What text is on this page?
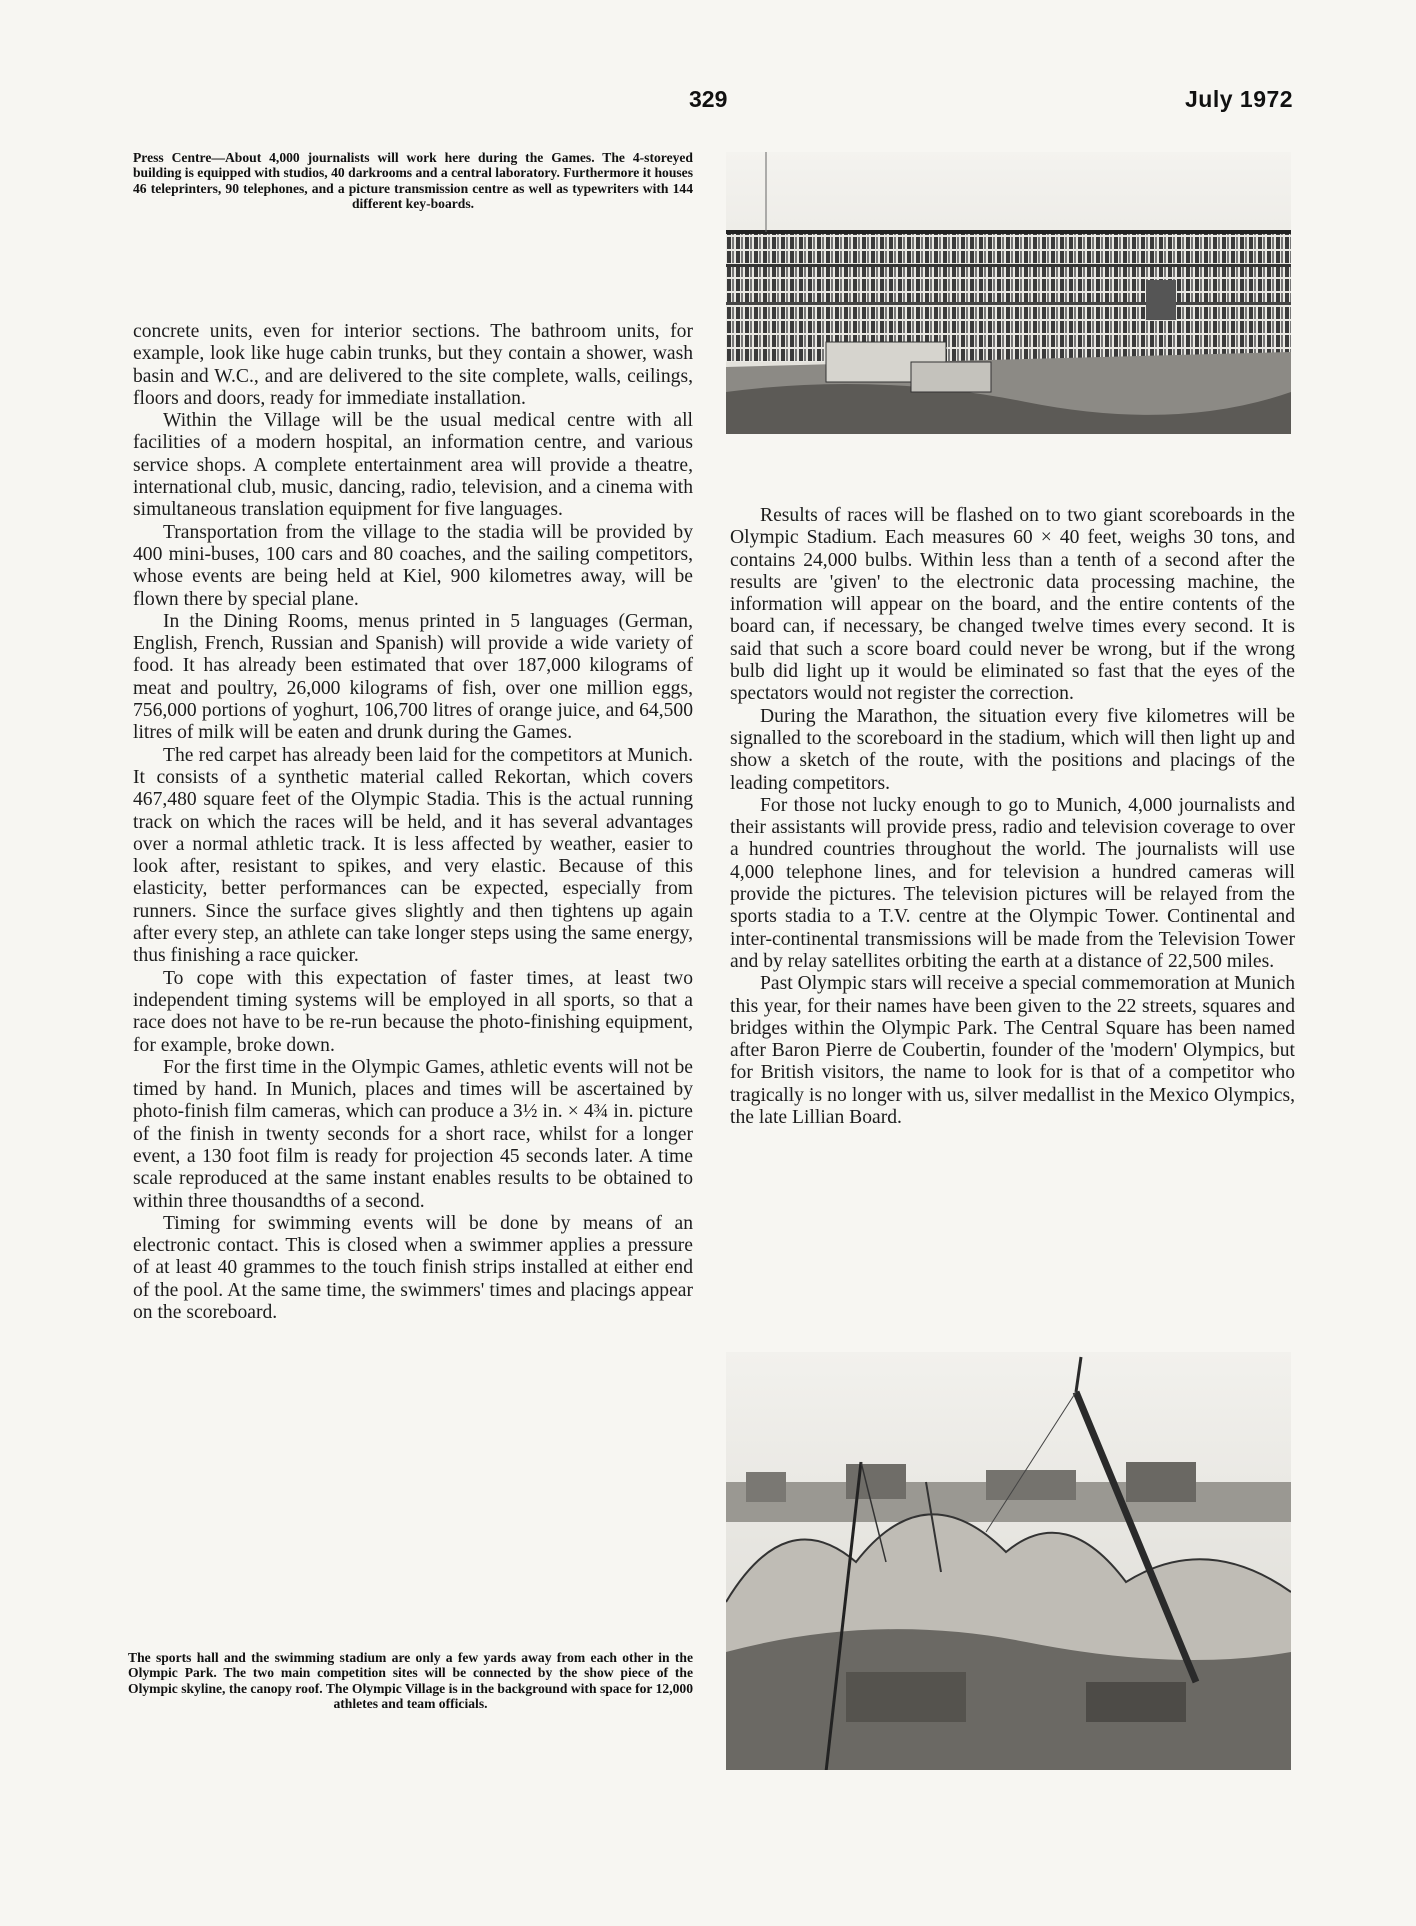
329	July 1972
Press Centre—About 4,000 journalists will work here during the Games. The 4-storeyed building is equipped with studios, 40 darkrooms and a central laboratory. Furthermore it houses 46 teleprinters, 90 telephones, and a picture transmission centre as well as typewriters with 144 different key-boards.

concrete units, even for interior sections. The bathroom units, for example, look like huge cabin trunks, but they contain a shower, wash basin and W.C., and are delivered to the site complete, walls, ceilings, floors and doors, ready for immediate installation.

Within the Village will be the usual medical centre with all facilities of a modern hospital, an information centre, and various service shops. A complete entertainment area will provide a theatre, international club, music, dancing, radio, television, and a cinema with simultaneous translation equipment for five languages.

Transportation from the village to the stadia will be provided by 400 mini-buses, 100 cars and 80 coaches, and the sailing competitors, whose events are being held at Kiel, 900 kilometres away, will be flown there by special plane.

In the Dining Rooms, menus printed in 5 languages (German, English, French, Russian and Spanish) will provide a wide variety of food. It has already been estimated that over 187,000 kilograms of meat and poultry, 26,000 kilograms of fish, over one million eggs, 756,000 portions of yoghurt, 106,700 litres of orange juice, and 64,500 litres of milk will be eaten and drunk during the Games.

The red carpet has already been laid for the competitors at Munich. It consists of a synthetic material called Rekortan, which covers 467,480 square feet of the Olympic Stadia. This is the actual running track on which the races will be held, and it has several advantages over a normal athletic track. It is less affected by weather, easier to look after, resistant to spikes, and very elastic. Because of this elasticity, better performances can be expected, especially from runners. Since the surface gives slightly and then tightens up again after every step, an athlete can take longer steps using the same energy, thus finishing a race quicker.

To cope with this expectation of faster times, at least two independent timing systems will be employed in all sports, so that a race does not have to be re-run because the photo-finishing equipment, for example, broke down.

For the first time in the Olympic Games, athletic events will not be timed by hand. In Munich, places and times will be ascertained by photo-finish film cameras, which can produce a 3½ in. × 4¾ in. picture of the finish in twenty seconds for a short race, whilst for a longer event, a 130 foot film is ready for projection 45 seconds later. A time scale reproduced at the same instant enables results to be obtained to within three thousandths of a second.

Timing for swimming events will be done by means of an electronic contact. This is closed when a swimmer applies a pressure of at least 40 grammes to the touch finish strips installed at either end of the pool. At the same time, the swimmers' times and placings appear on the scoreboard.

Results of races will be flashed on to two giant scoreboards in the Olympic Stadium. Each measures 60 × 40 feet, weighs 30 tons, and contains 24,000 bulbs. Within less than a tenth of a second after the results are 'given' to the electronic data processing machine, the information will appear on the board, and the entire contents of the board can, if necessary, be changed twelve times every second. It is said that such a score board could never be wrong, but if the wrong bulb did light up it would be eliminated so fast that the eyes of the spectators would not register the correction.

During the Marathon, the situation every five kilometres will be signalled to the scoreboard in the stadium, which will then light up and show a sketch of the route, with the positions and placings of the leading competitors.

For those not lucky enough to go to Munich, 4,000 journalists and their assistants will provide press, radio and television coverage to over a hundred countries throughout the world. The journalists will use 4,000 telephone lines, and for television a hundred cameras will provide the pictures. The television pictures will be relayed from the sports stadia to a T.V. centre at the Olympic Tower. Continental and inter-continental transmissions will be made from the Television Tower and by relay satellites orbiting the earth at a distance of 22,500 miles.

Past Olympic stars will receive a special commemoration at Munich this year, for their names have been given to the 22 streets, squares and bridges within the Olympic Park. The Central Square has been named after Baron Pierre de Coubertin, founder of the 'modern' Olympics, but for British visitors, the name to look for is that of a competitor who tragically is no longer with us, silver medallist in the Mexico Olympics, the late Lillian Board.

The sports hall and the swimming stadium are only a few yards away from each other in the Olympic Park. The two main competition sites will be connected by the show piece of the Olympic skyline, the canopy roof. The Olympic Village is in the background with space for 12,000 athletes and team officials.
